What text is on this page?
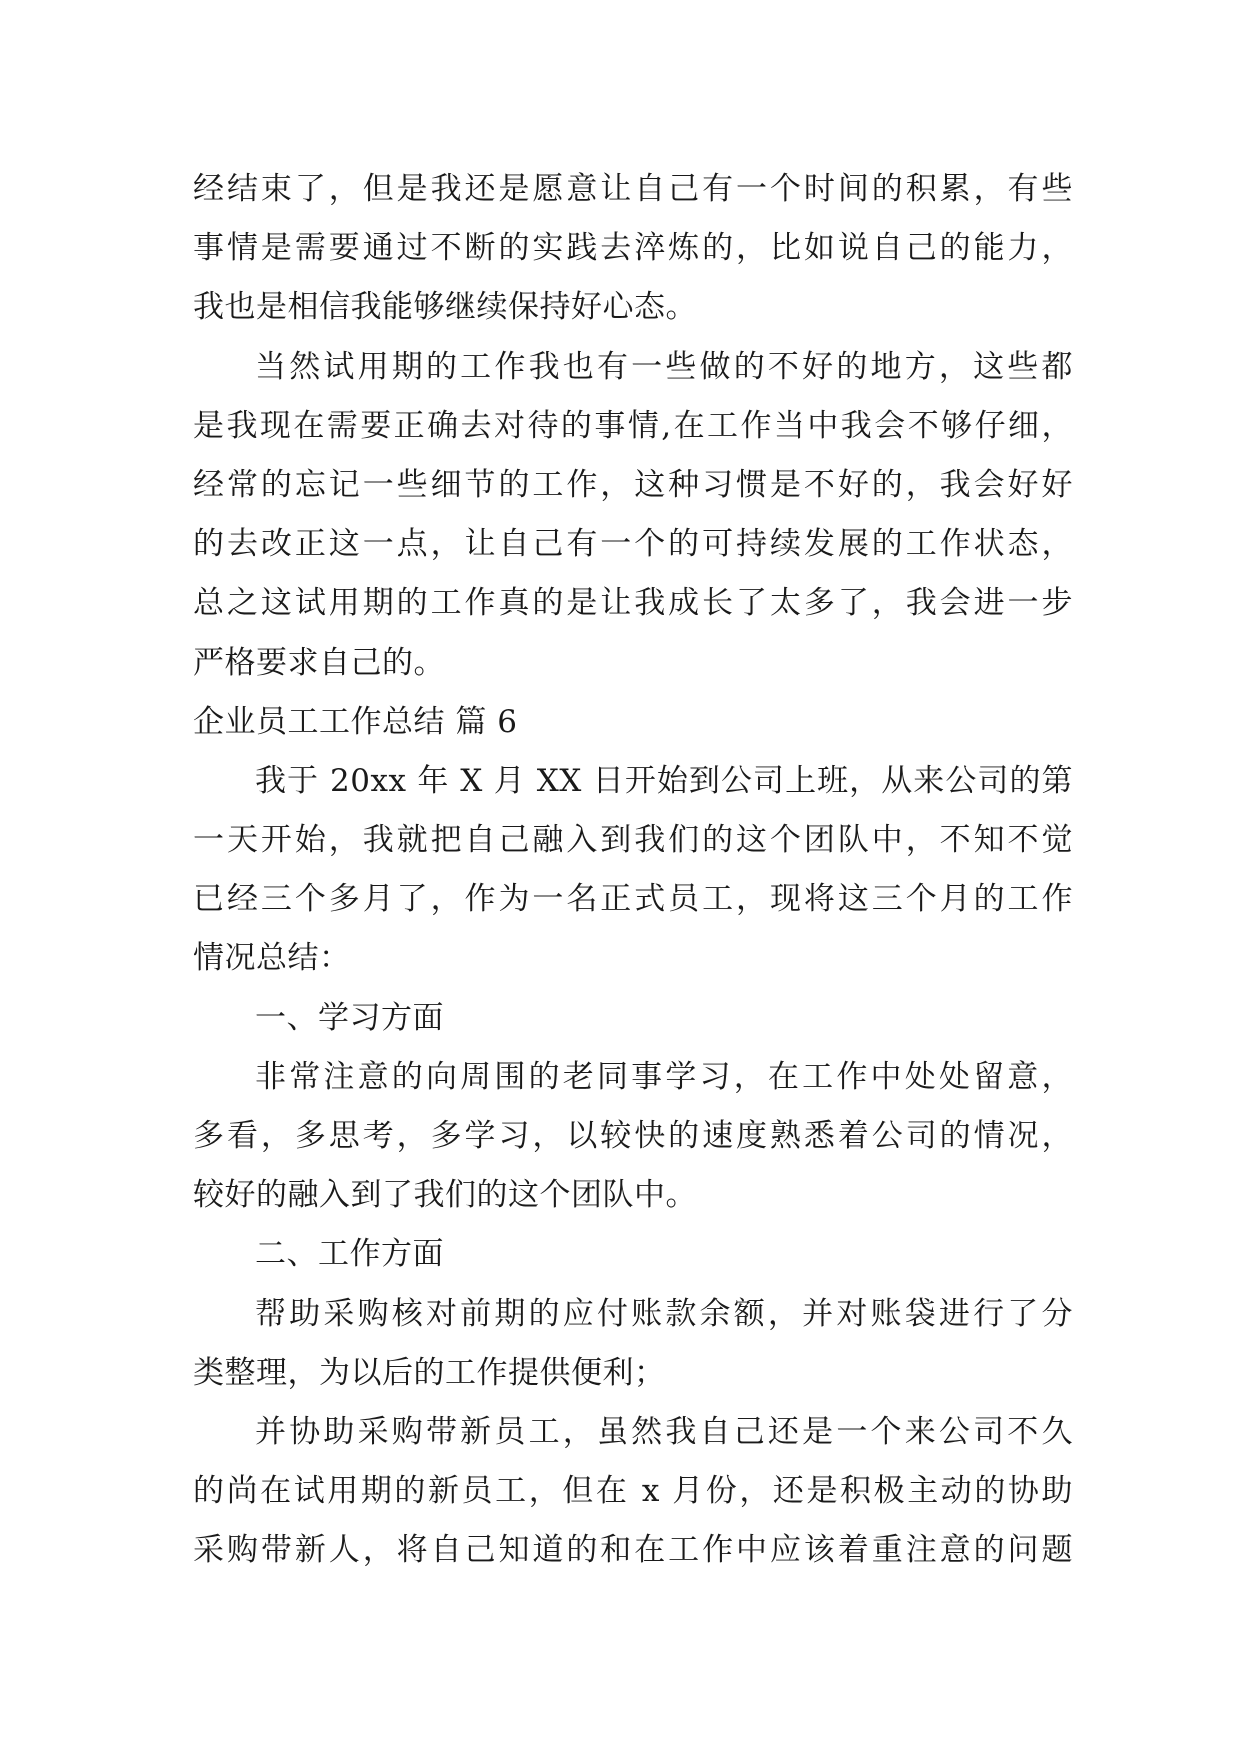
经结束了，但是我还是愿意让自己有一个时间的积累，有些
事情是需要通过不断的实践去淬炼的，比如说自己的能力，
我也是相信我能够继续保持好心态。
当然试用期的工作我也有一些做的不好的地方，这些都
是我现在需要正确去对待的事情,在工作当中我会不够仔细，
经常的忘记一些细节的工作，这种习惯是不好的，我会好好
的去改正这一点，让自己有一个的可持续发展的工作状态，
总之这试用期的工作真的是让我成长了太多了，我会进一步
严格要求自己的。
企业员工工作总结 篇 6
我于 20xx 年 X 月 XX 日开始到公司上班，从来公司的第
一天开始，我就把自己融入到我们的这个团队中，不知不觉
已经三个多月了，作为一名正式员工，现将这三个月的工作
情况总结：
一、学习方面
非常注意的向周围的老同事学习，在工作中处处留意，
多看，多思考，多学习，以较快的速度熟悉着公司的情况，
较好的融入到了我们的这个团队中。
二、工作方面
帮助采购核对前期的应付账款余额，并对账袋进行了分
类整理，为以后的工作提供便利；
并协助采购带新员工，虽然我自己还是一个来公司不久
的尚在试用期的新员工，但在 x 月份，还是积极主动的协助
采购带新人，将自己知道的和在工作中应该着重注意的问题
